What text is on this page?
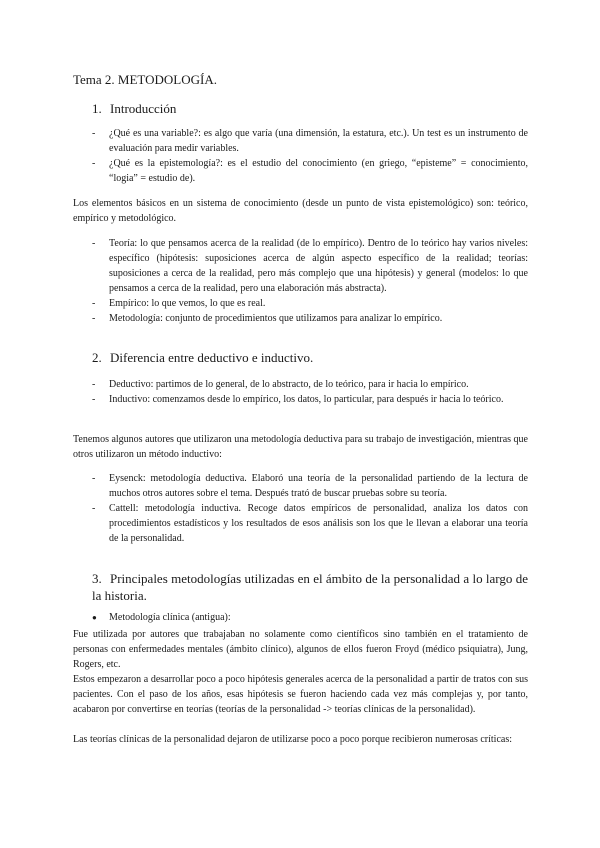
Tema 2. METODOLOGÍA.
1. Introducción
- ¿Qué es una variable?: es algo que varía (una dimensión, la estatura, etc.). Un test es un instrumento de evaluación para medir variables.
- ¿Qué es la epistemología?: es el estudio del conocimiento (en griego, “episteme” = conocimiento, “logia” = estudio de).

Los elementos básicos en un sistema de conocimiento (desde un punto de vista epistemológico) son: teórico, empírico y metodológico.

- Teoría: lo que pensamos acerca de la realidad (de lo empírico). Dentro de lo teórico hay varios niveles: específico (hipótesis: suposiciones acerca de algún aspecto específico de la realidad; teorías: suposiciones a cerca de la realidad, pero más complejo que una hipótesis) y general (modelos: lo que pensamos a cerca de la realidad, pero una elaboración más abstracta).
- Empírico: lo que vemos, lo que es real.
- Metodología: conjunto de procedimientos que utilizamos para analizar lo empírico.
2. Diferencia entre deductivo e inductivo.
- Deductivo: partimos de lo general, de lo abstracto, de lo teórico, para ir hacia lo empírico.
- Inductivo: comenzamos desde lo empírico, los datos, lo particular, para después ir hacia lo teórico.

Tenemos algunos autores que utilizaron una metodología deductiva para su trabajo de investigación, mientras que otros utilizaron un método inductivo:

- Eysenck: metodología deductiva. Elaboró una teoría de la personalidad partiendo de la lectura de muchos otros autores sobre el tema. Después trató de buscar pruebas sobre su teoría.
- Cattell: metodología inductiva. Recoge datos empíricos de personalidad, analiza los datos con procedimientos estadísticos y los resultados de esos análisis son los que le llevan a elaborar una teoría de la personalidad.
3. Principales metodologías utilizadas en el ámbito de la personalidad a lo largo de la historia.
● Metodología clínica (antigua):

Fue utilizada por autores que trabajaban no solamente como científicos sino también en el tratamiento de personas con enfermedades mentales (ámbito clínico), algunos de ellos fueron Froyd (médico psiquiatra), Jung, Rogers, etc.

Estos empezaron a desarrollar poco a poco hipótesis generales acerca de la personalidad a partir de tratos con sus pacientes. Con el paso de los años, esas hipótesis se fueron haciendo cada vez más complejas y, por tanto, acabaron por convertirse en teorías (teorías de la personalidad -> teorías clínicas de la personalidad).

Las teorías clínicas de la personalidad dejaron de utilizarse poco a poco porque recibieron numerosas críticas:
